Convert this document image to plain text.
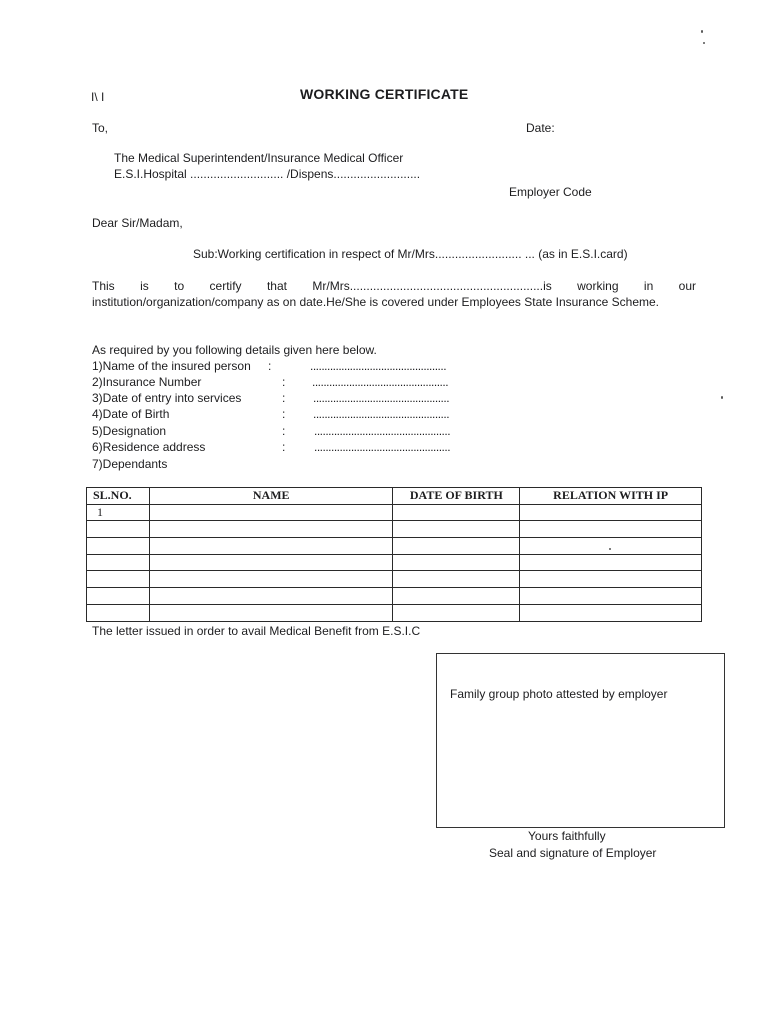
I\ I	WORKING CERTIFICATE
To,	Date:
The Medical Superintendent/Insurance Medical Officer
E.S.I.Hospital ............................ /Dispens..........................
Employer Code
Dear Sir/Madam,
Sub:Working certification in respect of Mr/Mrs.......................... ... (as in E.S.I.card)
This is to certify that Mr/Mrs..........................................................is working in our
institution/organization/company as on date.He/She is covered under Employees State Insurance Scheme.
As required by you following details given here below.
1)Name of the insured person :	................................................
2)Insurance Number	: ................................................
3)Date of entry into services	: ................................................
4)Date of Birth	: ................................................
5)Designation	: ................................................
6)Residence address	: ................................................
7)Dependants
SL.NO.	NAME	DATE OF BIRTH	RELATION WITH IP
1			

The letter issued in order to avail Medical Benefit from E.S.I.C
Family group photo attested by employer
Yours faithfully
Seal and signature of Employer
